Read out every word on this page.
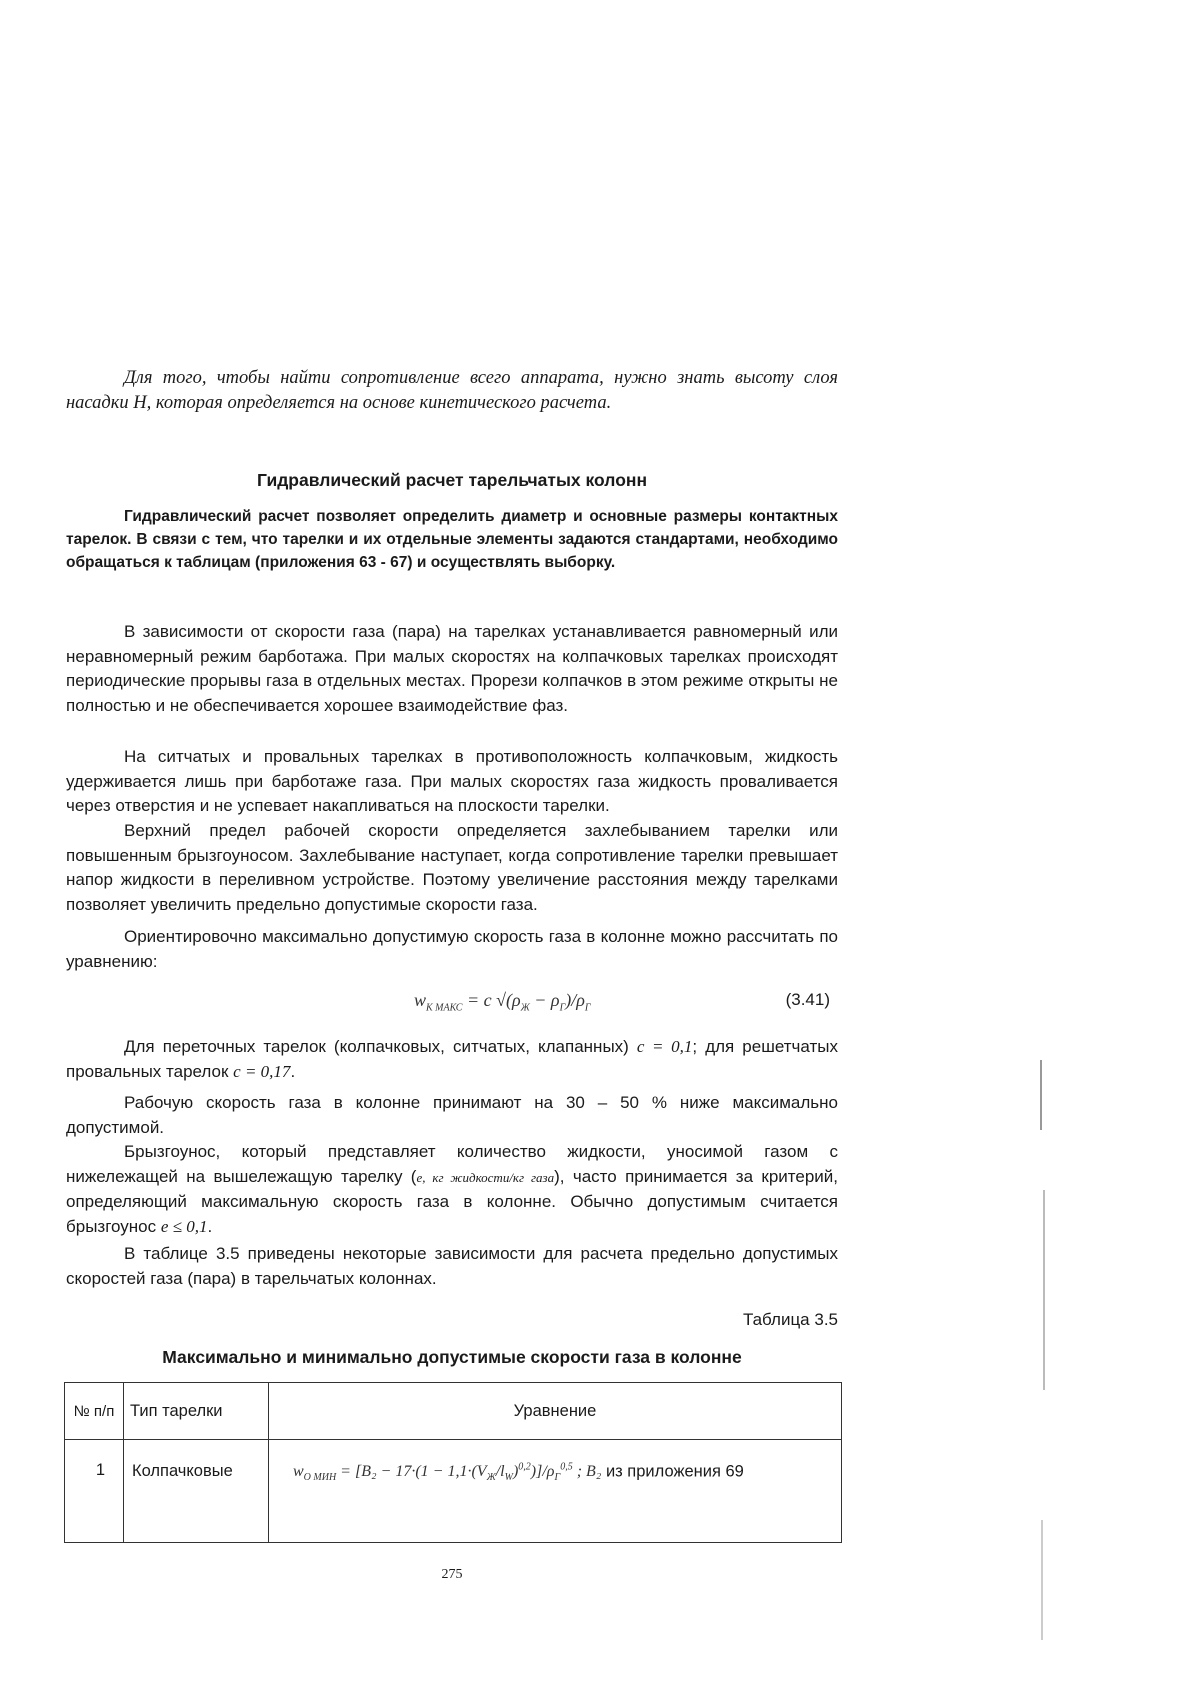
Для того, чтобы найти сопротивление всего аппарата, нужно знать высоту слоя насадки H, которая определяется на основе кинетического расчета.

Гидравлический расчет тарельчатых колонн

Гидравлический расчет позволяет определить диаметр и основные размеры контактных тарелок. В связи с тем, что тарелки и их отдельные элементы задаются стандартами, необходимо обращаться к таблицам (приложения 63 - 67) и осуществлять выборку.

В зависимости от скорости газа (пара) на тарелках устанавливается равномерный или неравномерный режим барботажа. При малых скоростях на колпачковых тарелках происходят периодические прорывы газа в отдельных местах. Прорези колпачков в этом режиме открыты не полностью и не обеспечивается хорошее взаимодействие фаз.

На ситчатых и провальных тарелках в противоположность колпачковым, жидкость удерживается лишь при барботаже газа. При малых скоростях газа жидкость проваливается через отверстия и не успевает накапливаться на плоскости тарелки.

Верхний предел рабочей скорости определяется захлебыванием тарелки или повышенным брызгоуносом. Захлебывание наступает, когда сопротивление тарелки превышает напор жидкости в переливном устройстве. Поэтому увеличение расстояния между тарелками позволяет увеличить предельно допустимые скорости газа.

Ориентировочно максимально допустимую скорость газа в колонне можно рассчитать по уравнению:

$w_{К МАКС} = c$ $√(\rho_Ж - \rho_Г)/\rho_Г$	(3.41)

Для переточных тарелок (колпачковых, ситчатых, клапанных) c = 0,1; для решетчатых провальных тарелок c = 0,17.

Рабочую скорость газа в колонне принимают на 30 – 50 % ниже максимально допустимой.

Брызгоунос, который представляет количество жидкости, уносимой газом с нижележащей на вышележащую тарелку (e, кг жидкости/кг газа), часто принимается за критерий, определяющий максимальную скорость газа в колонне. Обычно допустимым считается брызгоунос e ≤ 0,1.

В таблице 3.5 приведены некоторые зависимости для расчета предельно допустимых скоростей газа (пара) в тарельчатых колоннах.

Таблица 3.5

Максимально и минимально допустимые скорости газа в колонне
№ п/п	Тип тарелки	Уравнение
1	Колпачковые	$w_{О МИН} = [B_2 - 17\cdot(1 - 1,1\cdot(V_Ж/l_W)^{0,2})]/\rho_Г^{0,5}$ ; B₂ из приложения 69

275
